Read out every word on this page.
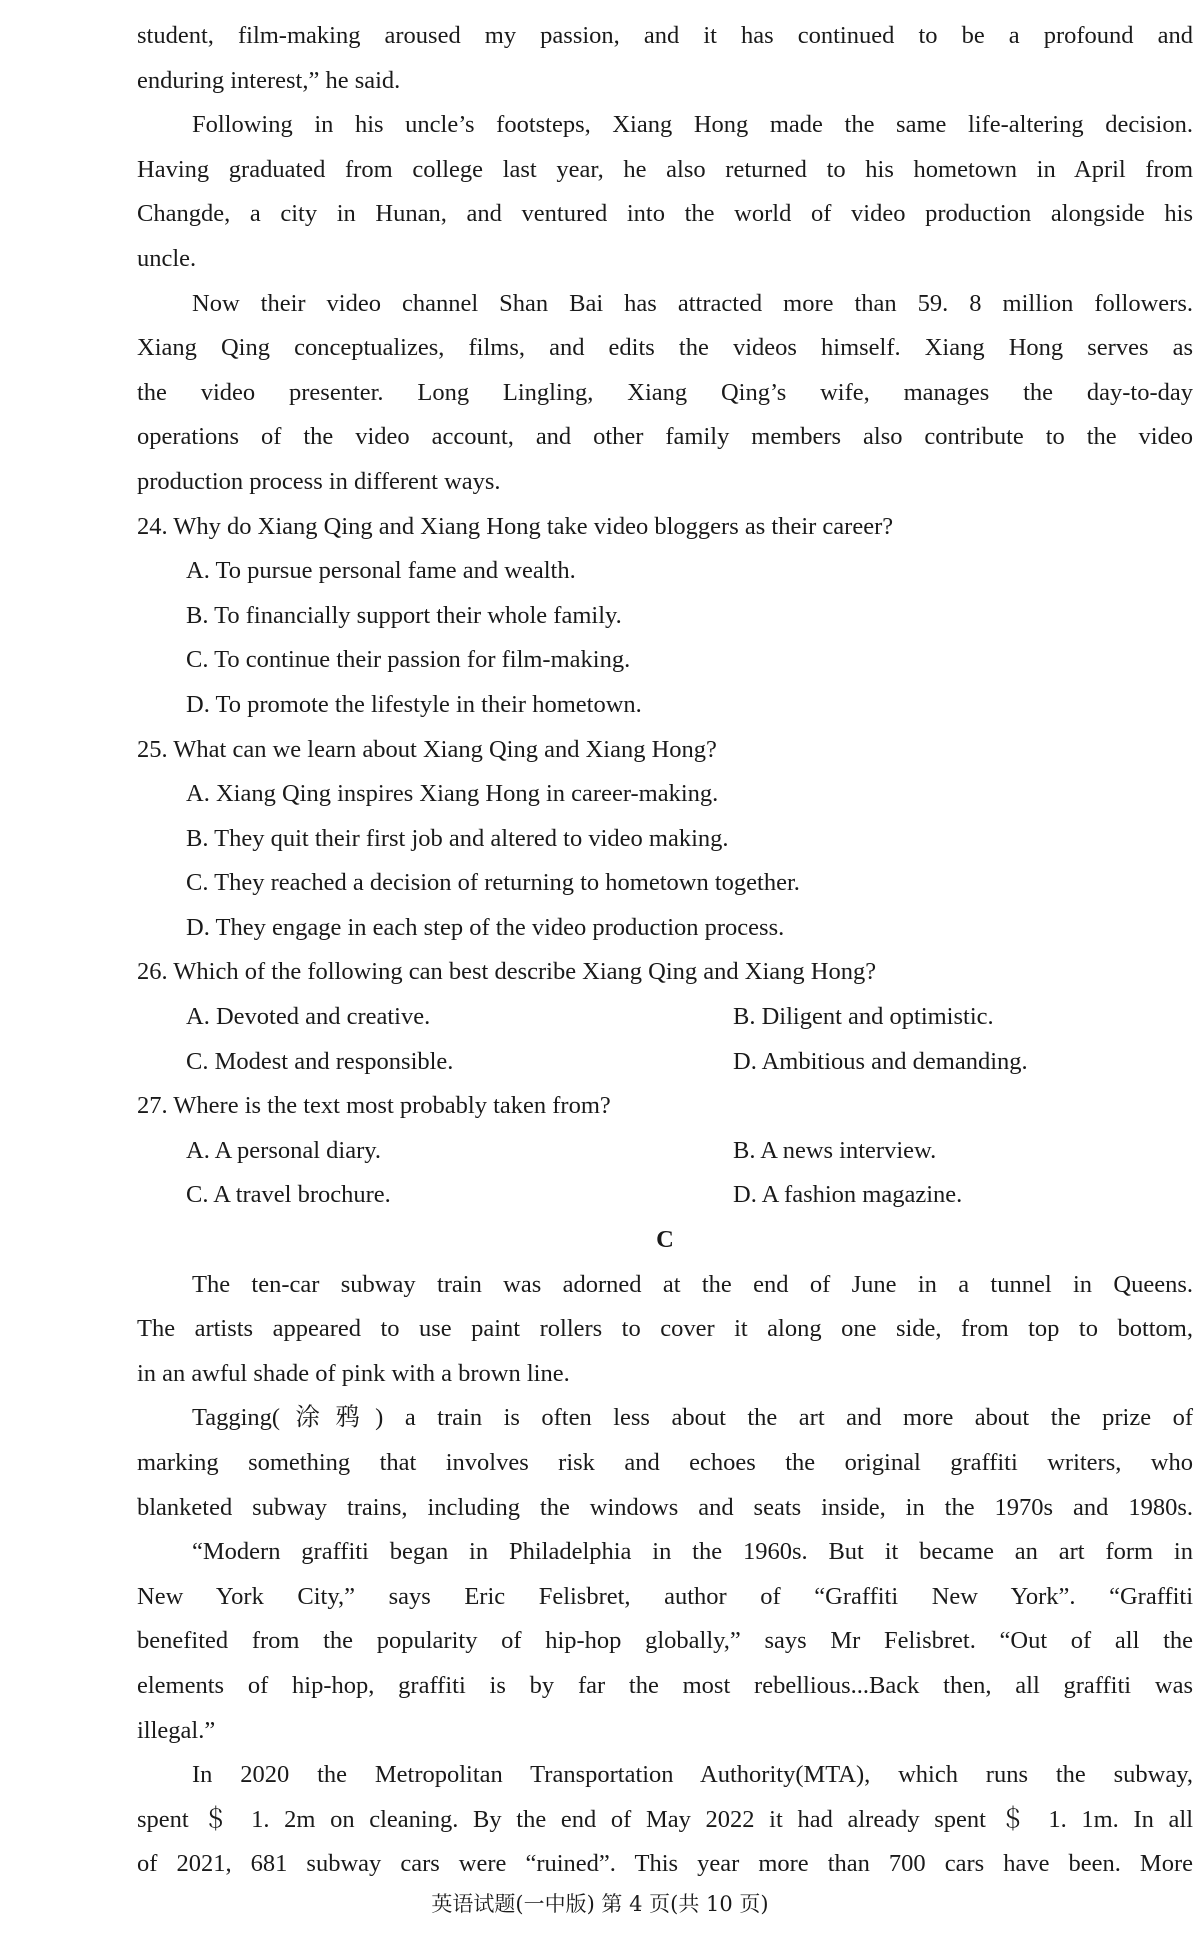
student, film-making aroused my passion, and it has continued to be a profound and
enduring interest,” he said.
Following in his uncle’s footsteps, Xiang Hong made the same life-altering decision.
Having graduated from college last year, he also returned to his hometown in April from
Changde, a city in Hunan, and ventured into the world of video production alongside his
uncle.
Now their video channel Shan Bai has attracted more than 59. 8 million followers.
Xiang Qing conceptualizes, films, and edits the videos himself. Xiang Hong serves as
the video presenter. Long Lingling, Xiang Qing’s wife, manages the day-to-day
operations of the video account, and other family members also contribute to the video
production process in different ways.
24. Why do Xiang Qing and Xiang Hong take video bloggers as their career?
A. To pursue personal fame and wealth.
B. To financially support their whole family.
C. To continue their passion for film-making.
D. To promote the lifestyle in their hometown.
25. What can we learn about Xiang Qing and Xiang Hong?
A. Xiang Qing inspires Xiang Hong in career-making.
B. They quit their first job and altered to video making.
C. They reached a decision of returning to hometown together.
D. They engage in each step of the video production process.
26. Which of the following can best describe Xiang Qing and Xiang Hong?
A. Devoted and creative.	B. Diligent and optimistic.
C. Modest and responsible.	D. Ambitious and demanding.
27. Where is the text most probably taken from?
A. A personal diary.	B. A news interview.
C. A travel brochure.	D. A fashion magazine.
C
The ten-car subway train was adorned at the end of June in a tunnel in Queens.
The artists appeared to use paint rollers to cover it along one side, from top to bottom,
in an awful shade of pink with a brown line.
Tagging(涂鸦) a train is often less about the art and more about the prize of
marking something that involves risk and echoes the original graffiti writers, who
blanketed subway trains, including the windows and seats inside, in the 1970s and 1980s.
“Modern graffiti began in Philadelphia in the 1960s. But it became an art form in
New York City,” says Eric Felisbret, author of “Graffiti New York”. “Graffiti
benefited from the popularity of hip-hop globally,” says Mr Felisbret. “Out of all the
elements of hip-hop, graffiti is by far the most rebellious...Back then, all graffiti was
illegal.”
In 2020 the Metropolitan Transportation Authority(MTA), which runs the subway,
spent ＄ 1. 2m on cleaning. By the end of May 2022 it had already spent ＄ 1. 1m. In all
of 2021, 681 subway cars were “ruined”. This year more than 700 cars have been. More
英语试题(一中版) 第 4 页(共 10 页)
